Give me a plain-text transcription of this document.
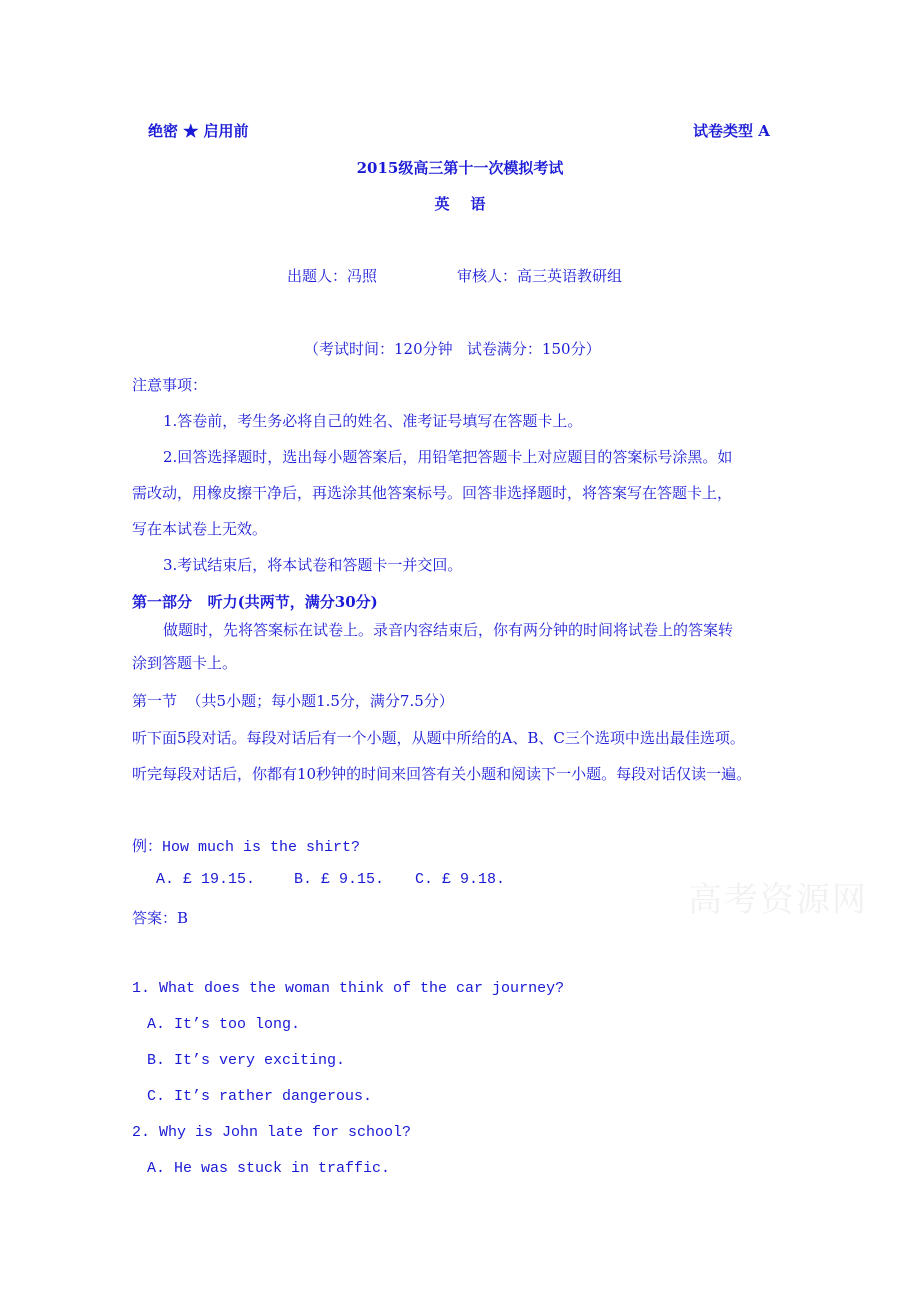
高考资源网
绝密 ★ 启用前	试卷类型 A
2015级高三第十一次模拟考试
英    语
出题人：冯照	审核人：高三英语教研组
（考试时间：120分钟   试卷满分：150分）
注意事项：
1.答卷前，考生务必将自己的姓名、准考证号填写在答题卡上。
2.回答选择题时，选出每小题答案后，用铅笔把答题卡上对应题目的答案标号涂黑。如
需改动，用橡皮擦干净后，再选涂其他答案标号。回答非选择题时，将答案写在答题卡上，
写在本试卷上无效。
3.考试结束后，将本试卷和答题卡一并交回。
第一部分   听力(共两节，满分30分)
做题时，先将答案标在试卷上。录音内容结束后，你有两分钟的时间将试卷上的答案转
涂到答题卡上。
第一节  （共5小题；每小题1.5分，满分7.5分）
听下面5段对话。每段对话后有一个小题，从题中所给的A、B、C三个选项中选出最佳选项。
听完每段对话后，你都有10秒钟的时间来回答有关小题和阅读下一小题。每段对话仅读一遍。
例：How much is the shirt?
A. £ 19.15.	B. £ 9.15. C. £ 9.18.
答案：B
1. What does the woman think of the car journey?
A. It’s too long.
B. It’s very exciting.
C. It’s rather dangerous.
2. Why is John late for school?
A. He was stuck in traffic.
